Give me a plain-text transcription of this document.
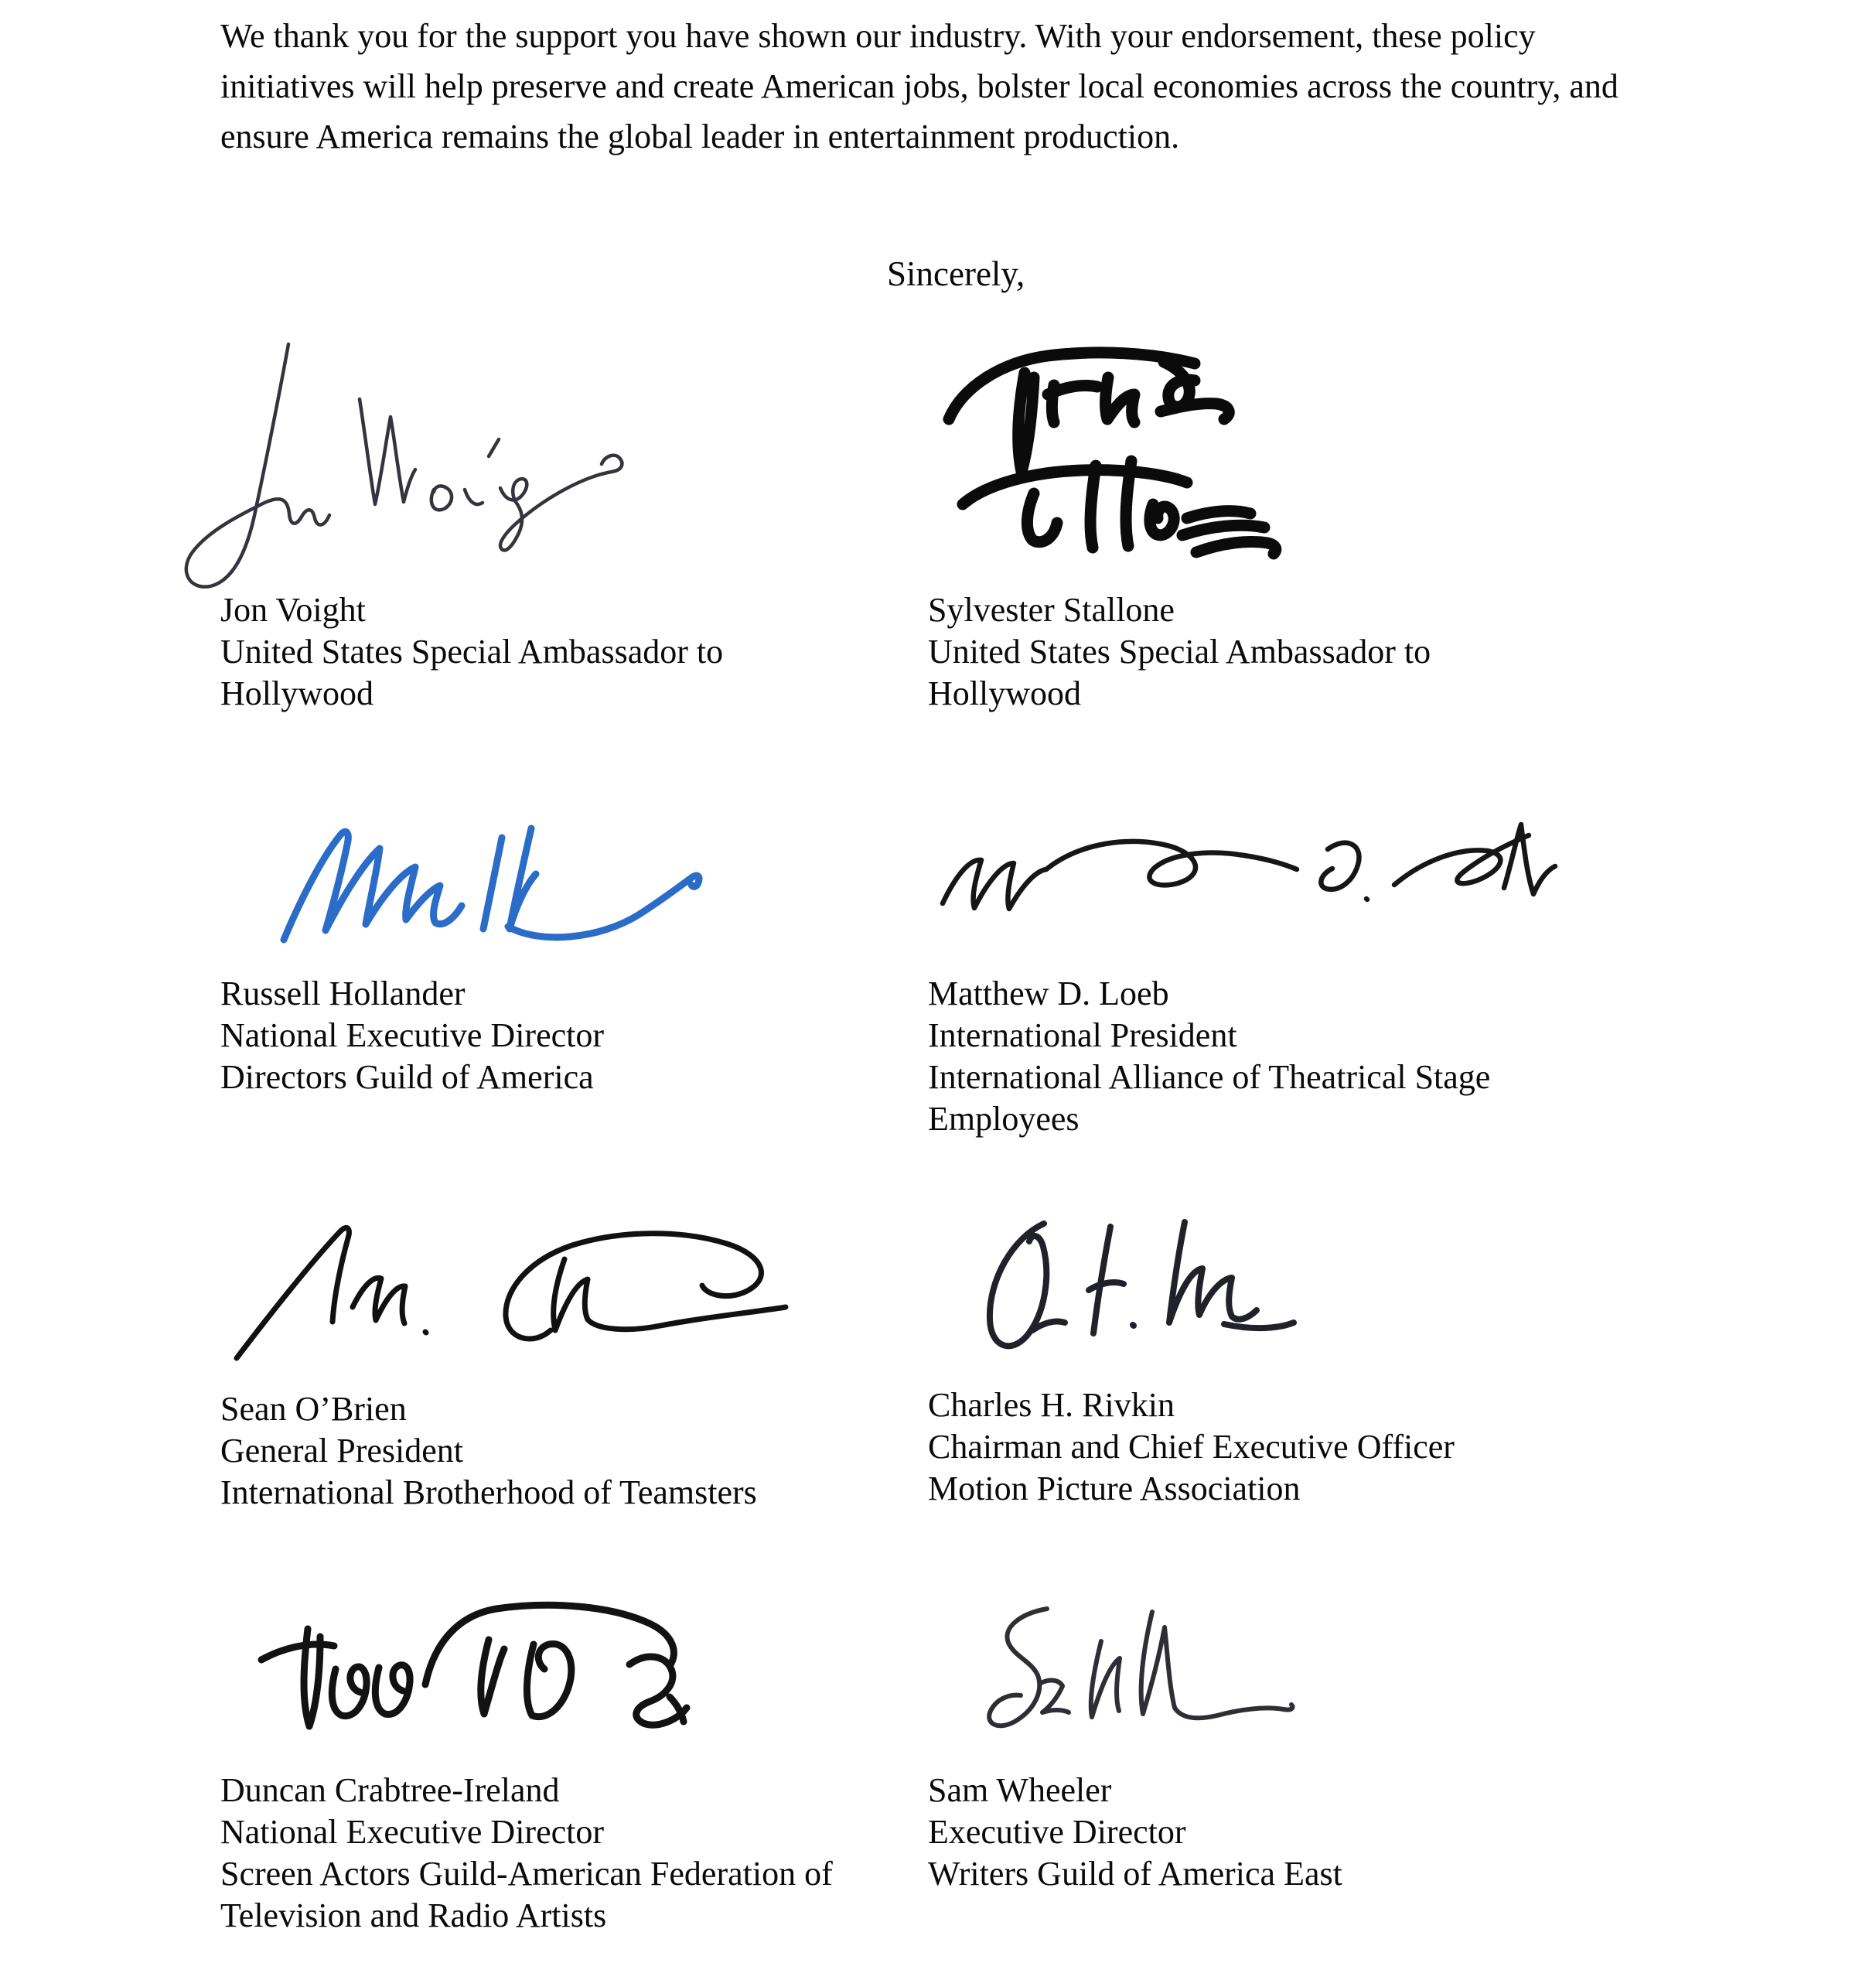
We thank you for the support you have shown our industry. With your endorsement, these policy initiatives will help preserve and create American jobs, bolster local economies across the country, and ensure America remains the global leader in entertainment production.
Sincerely,
Jon Voight
United States Special Ambassador to Hollywood
Sylvester Stallone
United States Special Ambassador to Hollywood
Russell Hollander
National Executive Director
Directors Guild of America
Matthew D. Loeb
International President
International Alliance of Theatrical Stage Employees
Sean O’Brien
General President
International Brotherhood of Teamsters
Charles H. Rivkin
Chairman and Chief Executive Officer
Motion Picture Association
Duncan Crabtree-Ireland
National Executive Director
Screen Actors Guild-American Federation of Television and Radio Artists
Sam Wheeler
Executive Director
Writers Guild of America East
